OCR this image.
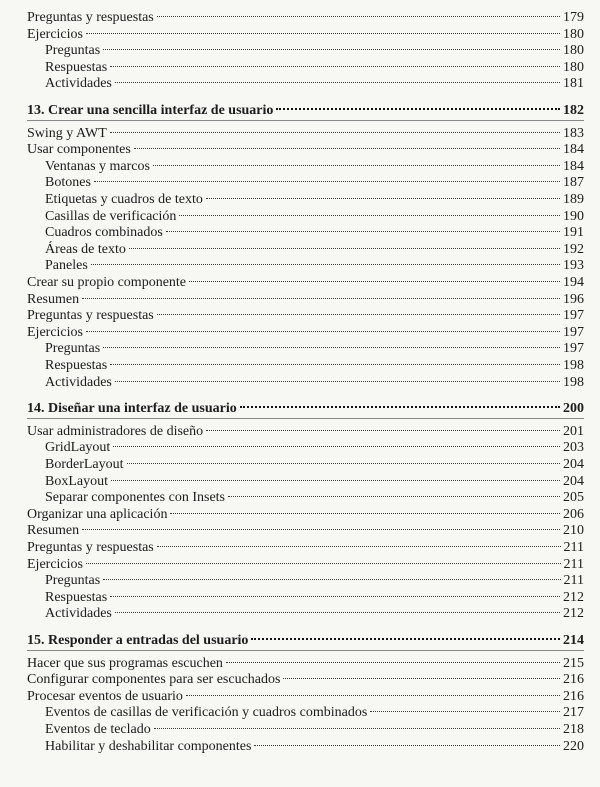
Preguntas y respuestas	179
Ejercicios	180
Preguntas	180
Respuestas	180
Actividades	181
13. Crear una sencilla interfaz de usuario	182
Swing y AWT	183
Usar componentes	184
Ventanas y marcos	184
Botones	187
Etiquetas y cuadros de texto	189
Casillas de verificación	190
Cuadros combinados	191
Áreas de texto	192
Paneles	193
Crear su propio componente	194
Resumen	196
Preguntas y respuestas	197
Ejercicios	197
Preguntas	197
Respuestas	198
Actividades	198
14. Diseñar una interfaz de usuario	200
Usar administradores de diseño	201
GridLayout	203
BorderLayout	204
BoxLayout	204
Separar componentes con Insets	205
Organizar una aplicación	206
Resumen	210
Preguntas y respuestas	211
Ejercicios	211
Preguntas	211
Respuestas	212
Actividades	212
15. Responder a entradas del usuario	214
Hacer que sus programas escuchen	215
Configurar componentes para ser escuchados	216
Procesar eventos de usuario	216
Eventos de casillas de verificación y cuadros combinados	217
Eventos de teclado	218
Habilitar y deshabilitar componentes	220
